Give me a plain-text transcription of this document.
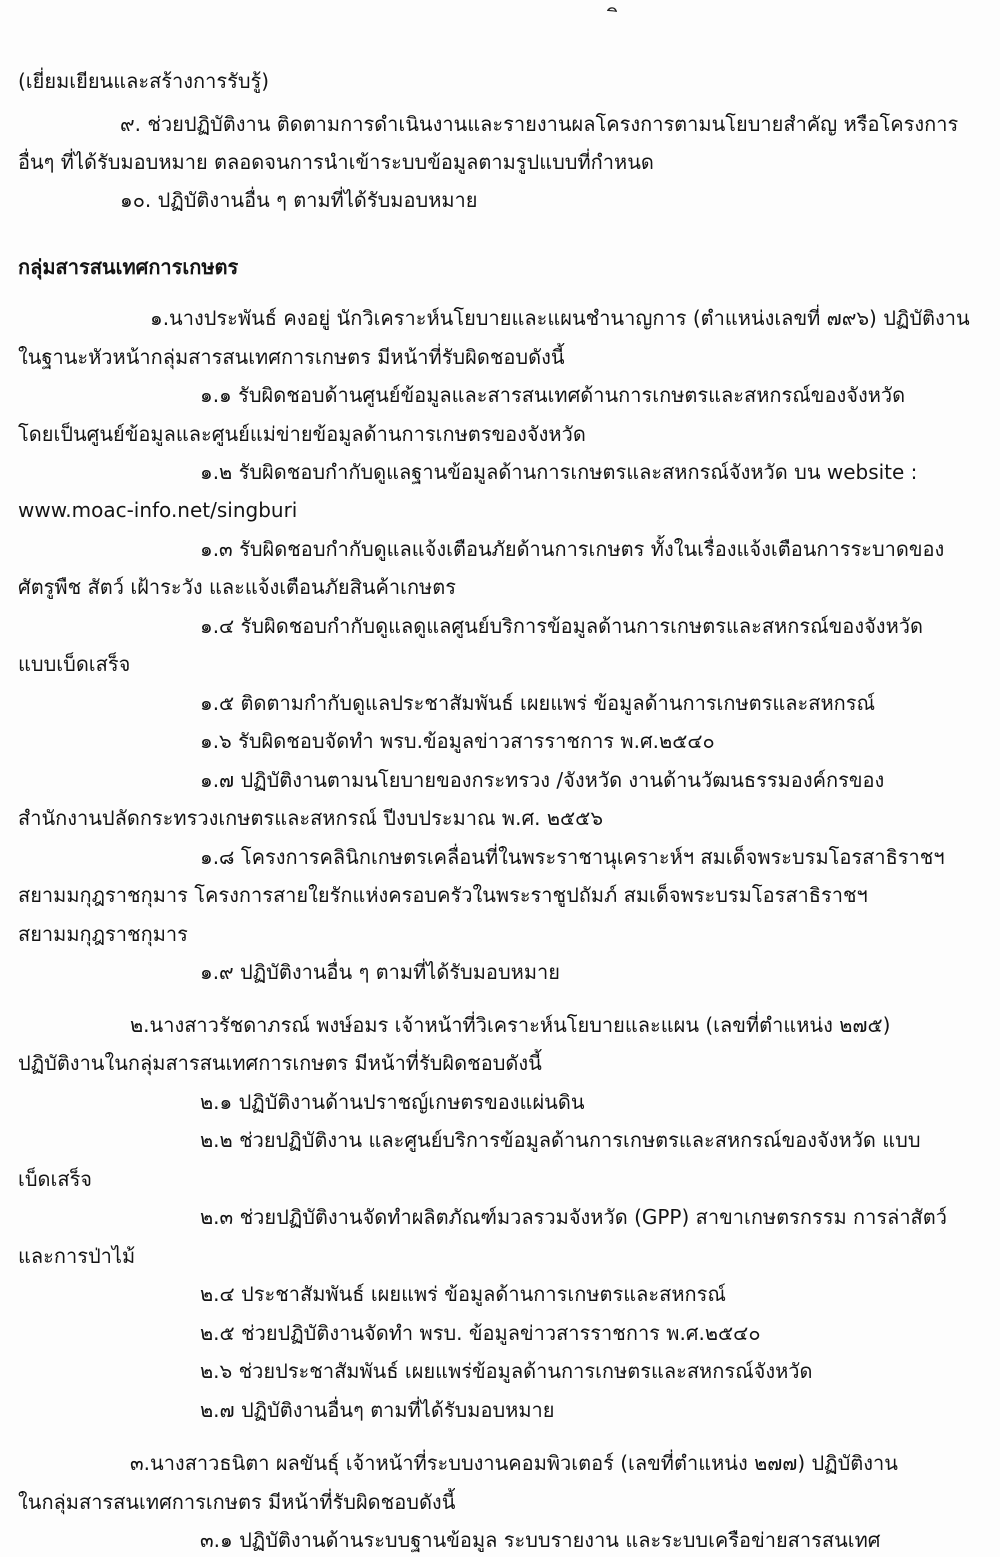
(เยี่ยมเยียนและสร้างการรับรู้)
๙. ช่วยปฏิบัติงาน ติดตามการดำเนินงานและรายงานผลโครงการตามนโยบายสำคัญ หรือโครงการ
อื่นๆ ที่ได้รับมอบหมาย ตลอดจนการนำเข้าระบบข้อมูลตามรูปแบบที่กำหนด
๑๐. ปฏิบัติงานอื่น ๆ ตามที่ได้รับมอบหมาย
กลุ่มสารสนเทศการเกษตร
๑.นางประพันธ์ คงอยู่ นักวิเคราะห์นโยบายและแผนชำนาญการ (ตำแหน่งเลขที่ ๗๙๖) ปฏิบัติงาน
ในฐานะหัวหน้ากลุ่มสารสนเทศการเกษตร มีหน้าที่รับผิดชอบดังนี้
๑.๑ รับผิดชอบด้านศูนย์ข้อมูลและสารสนเทศด้านการเกษตรและสหกรณ์ของจังหวัด
โดยเป็นศูนย์ข้อมูลและศูนย์แม่ข่ายข้อมูลด้านการเกษตรของจังหวัด
๑.๒ รับผิดชอบกำกับดูแลฐานข้อมูลด้านการเกษตรและสหกรณ์จังหวัด บน website :
www.moac-info.net/singburi
๑.๓ รับผิดชอบกำกับดูแลแจ้งเตือนภัยด้านการเกษตร ทั้งในเรื่องแจ้งเตือนการระบาดของ
ศัตรูพืช สัตว์ เฝ้าระวัง และแจ้งเตือนภัยสินค้าเกษตร
๑.๔ รับผิดชอบกำกับดูแลดูแลศูนย์บริการข้อมูลด้านการเกษตรและสหกรณ์ของจังหวัด
แบบเบ็ดเสร็จ
๑.๕ ติดตามกำกับดูแลประชาสัมพันธ์ เผยแพร่ ข้อมูลด้านการเกษตรและสหกรณ์
๑.๖ รับผิดชอบจัดทำ พรบ.ข้อมูลข่าวสารราชการ พ.ศ.๒๕๔๐
๑.๗ ปฏิบัติงานตามนโยบายของกระทรวง /จังหวัด งานด้านวัฒนธรรมองค์กรของ
สำนักงานปลัดกระทรวงเกษตรและสหกรณ์ ปีงบประมาณ พ.ศ. ๒๕๕๖
๑.๘ โครงการคลินิกเกษตรเคลื่อนที่ในพระราชานุเคราะห์ฯ สมเด็จพระบรมโอรสาธิราชฯ
สยามมกุฎราชกุมาร โครงการสายใยรักแห่งครอบครัวในพระราชูปถัมภ์ สมเด็จพระบรมโอรสาธิราชฯ
สยามมกุฎราชกุมาร
๑.๙ ปฏิบัติงานอื่น ๆ ตามที่ได้รับมอบหมาย
๒.นางสาวรัชดาภรณ์ พงษ์อมร เจ้าหน้าที่วิเคราะห์นโยบายและแผน (เลขที่ตำแหน่ง ๒๗๕)
ปฏิบัติงานในกลุ่มสารสนเทศการเกษตร มีหน้าที่รับผิดชอบดังนี้
๒.๑ ปฏิบัติงานด้านปราชญ์เกษตรของแผ่นดิน
๒.๒ ช่วยปฏิบัติงาน และศูนย์บริการข้อมูลด้านการเกษตรและสหกรณ์ของจังหวัด แบบ
เบ็ดเสร็จ
๒.๓ ช่วยปฏิบัติงานจัดทำผลิตภัณฑ์มวลรวมจังหวัด (GPP) สาขาเกษตรกรรม การล่าสัตว์
และการป่าไม้
๒.๔ ประชาสัมพันธ์ เผยแพร่ ข้อมูลด้านการเกษตรและสหกรณ์
๒.๕ ช่วยปฏิบัติงานจัดทำ พรบ. ข้อมูลข่าวสารราชการ พ.ศ.๒๕๔๐
๒.๖ ช่วยประชาสัมพันธ์ เผยแพร่ข้อมูลด้านการเกษตรและสหกรณ์จังหวัด
๒.๗ ปฏิบัติงานอื่นๆ ตามที่ได้รับมอบหมาย
๓.นางสาวธนิตา ผลขันธุ์ เจ้าหน้าที่ระบบงานคอมพิวเตอร์ (เลขที่ตำแหน่ง ๒๗๗) ปฏิบัติงาน
ในกลุ่มสารสนเทศการเกษตร มีหน้าที่รับผิดชอบดังนี้
๓.๑ ปฏิบัติงานด้านระบบฐานข้อมูล ระบบรายงาน และระบบเครือข่ายสารสนเทศ
